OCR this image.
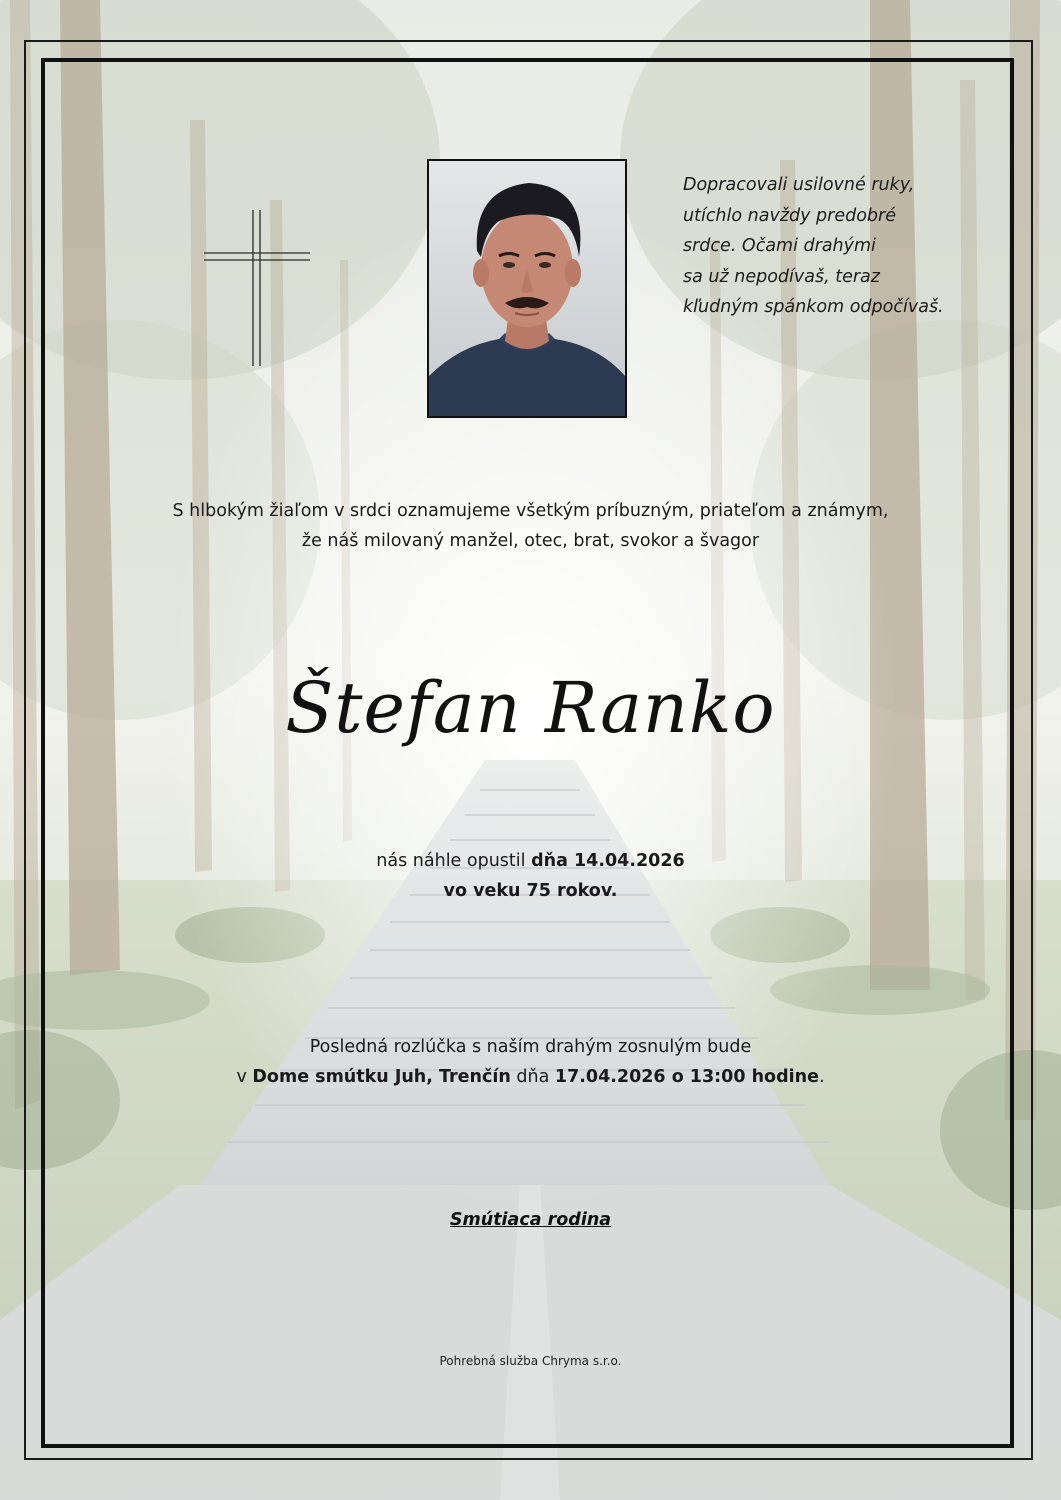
Dopracovali usilovné ruky,
utíchlo navždy predobré
srdce. Očami drahými
sa už nepodívaš, teraz
kľudným spánkom odpočívaš.
S hlbokým žiaľom v srdci oznamujeme všetkým príbuzným, priateľom a známym,
že náš milovaný manžel, otec, brat, svokor a švagor
Štefan Ranko
nás náhle opustil dňa 14.04.2026
vo veku 75 rokov.
Posledná rozlúčka s naším drahým zosnulým bude
v Dome smútku Juh, Trenčín dňa 17.04.2026 o 13:00 hodine.
Smútiaca rodina
Pohrebná služba Chryma s.r.o.
